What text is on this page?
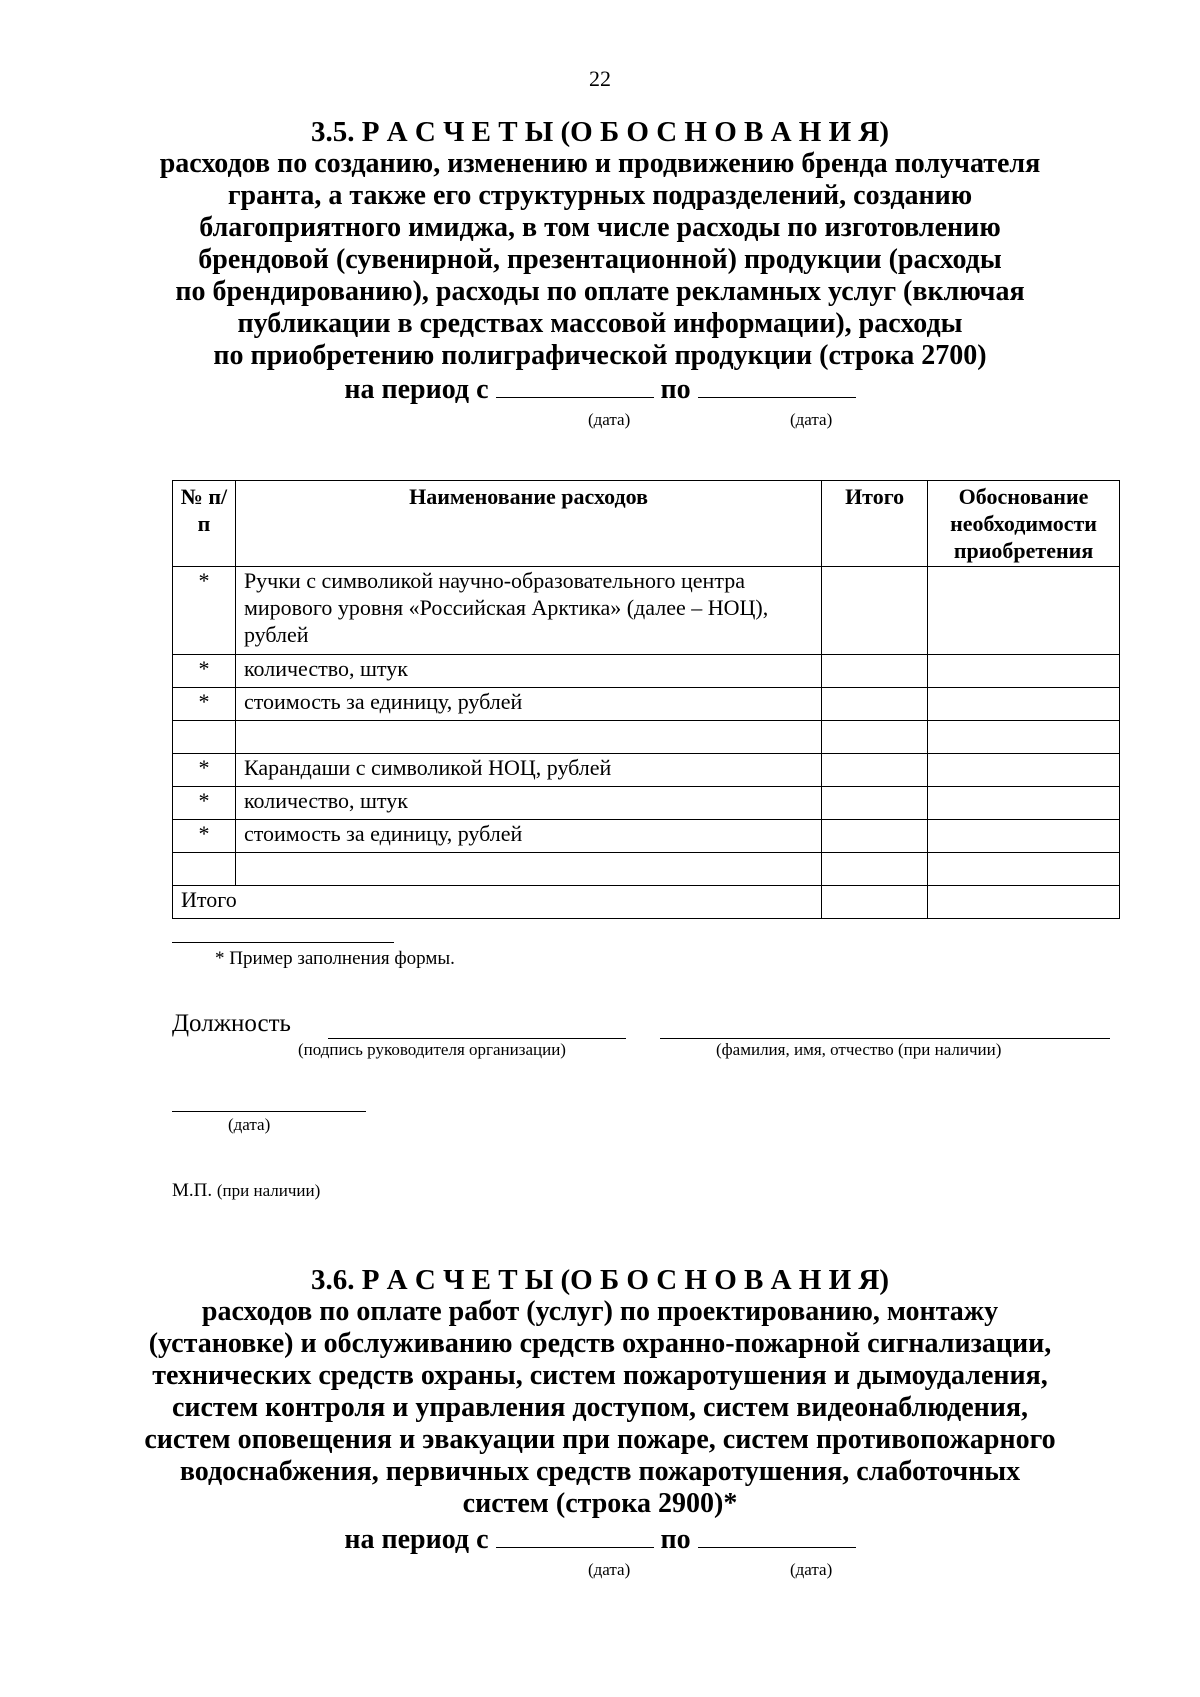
22
3.5. Р А С Ч Е Т Ы (О Б О С Н О В А Н И Я)
расходов по созданию, изменению и продвижению бренда получателя
гранта, а также его структурных подразделений, созданию
благоприятного имиджа, в том числе расходы по изготовлению
брендовой (сувенирной, презентационной) продукции (расходы
по брендированию), расходы по оплате рекламных услуг (включая
публикации в средствах массовой информации), расходы
по приобретению полиграфической продукции (строка 2700)
на период с	по
(дата)	(дата)
№ п/п	Наименование расходов	Итого	Обоснование необходимости приобретения
*	Ручки с символикой научно-образовательного центра мирового уровня «Российская Арктика» (далее – НОЦ), рублей		
*	количество, штук		
*	стоимость за единицу, рублей		

*	Карандаши с символикой НОЦ, рублей		
*	количество, штук		
*	стоимость за единицу, рублей		

Итого			
* Пример заполнения формы.
Должность
(подпись руководителя организации)	(фамилия, имя, отчество (при наличии)
(дата)
М.П. (при наличии)
3.6. Р А С Ч Е Т Ы (О Б О С Н О В А Н И Я)
расходов по оплате работ (услуг) по проектированию, монтажу
(установке) и обслуживанию средств охранно-пожарной сигнализации,
технических средств охраны, систем пожаротушения и дымоудаления,
систем контроля и управления доступом, систем видеонаблюдения,
систем оповещения и эвакуации при пожаре, систем противопожарного
водоснабжения, первичных средств пожаротушения, слаботочных
систем (строка 2900)*
на период с	по
(дата)	(дата)
